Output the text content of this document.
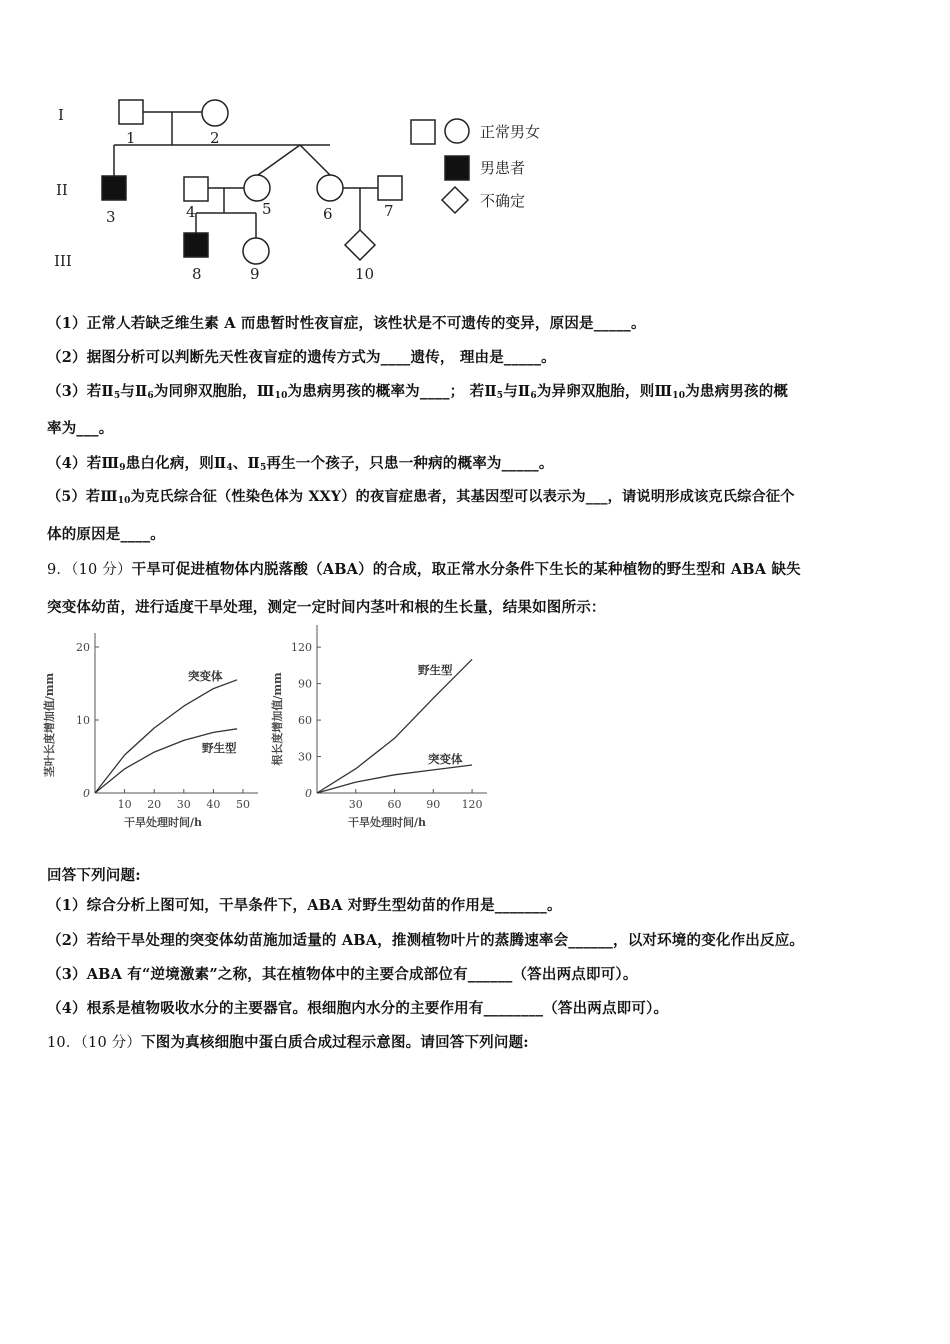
I
II
III
1	2
3	4	5	6	7
8	9	10
正常男女
男患者
不确定
（1）正常人若缺乏维生素 A 而患暂时性夜盲症，该性状是不可遗传的变异，原因是_____。
（2）据图分析可以判断先天性夜盲症的遗传方式为____遗传， 理由是_____。
（3）若$Ⅱ_5$与$Ⅱ_6$为同卵双胞胎，$Ⅲ_{10}$为患病男孩的概率为____； 若$Ⅱ_5$与$Ⅱ_6$为异卵双胞胎，则$Ⅲ_{10}$为患病男孩的概
率为___。
（4）若$Ⅲ_9$患白化病，则$Ⅱ_4$、$Ⅱ_5$再生一个孩子，只患一种病的概率为_____。
（5）若$Ⅲ_{10}$为克氏综合征（性染色体为 XXY）的夜盲症患者，其基因型可以表示为___，请说明形成该克氏综合征个
体的原因是____。
9．（10 分）干旱可促进植物体内脱落酸（ABA）的合成，取正常水分条件下生长的某种植物的野生型和 ABA 缺失
突变体幼苗，进行适度干旱处理，测定一定时间内茎叶和根的生长量，结果如图所示：
0
10 20 30 40 50
10
20
干旱处理时间/h
茎叶长度增加值/mm	突变体
野生型
0
30 60 90 120
30
60
90
120
干旱处理时间/h
根长度增加值/mm
野生型
突变体
回答下列问题:
（1）综合分析上图可知，干旱条件下，ABA 对野生型幼苗的作用是_______。
（2）若给干旱处理的突变体幼苗施加适量的 ABA，推测植物叶片的蒸腾速率会______，以对环境的变化作出反应。
（3）ABA 有“逆境激素”之称，其在植物体中的主要合成部位有______（答出两点即可）。
（4）根系是植物吸收水分的主要器官。根细胞内水分的主要作用有________（答出两点即可）。
10．（10 分）下图为真核细胞中蛋白质合成过程示意图。请回答下列问题:
